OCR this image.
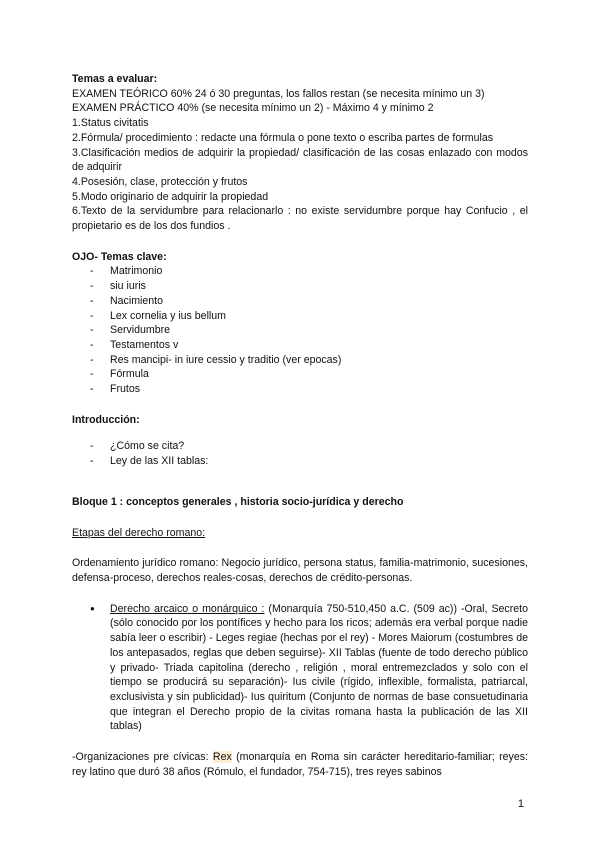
Temas a evaluar:

EXAMEN TEÓRICO 60% 24 ó 30 preguntas, los fallos restan (se necesita mínimo un 3)

EXAMEN PRÁCTICO 40% (se necesita mínimo un 2) - Máximo 4 y mínimo 2

1.Status civitatis

2.Fórmula/ procedimiento : redacte una fórmula o pone texto o escriba partes de formulas

3.Clasificación medios de adquirir la propiedad/ clasificación de las cosas enlazado con modos de adquirir

4.Posesión, clase, protección y frutos

5.Modo originario de adquirir la propiedad

6.Texto de la servidumbre para relacionarlo : no existe servidumbre porque hay Confucio , el propietario es de los dos fundios .

OJO- Temas clave:

- Matrimonio
- siu iuris
- Nacimiento
- Lex cornelia y ius bellum
- Servidumbre
- Testamentos v
- Res mancipi- in iure cessio y traditio (ver epocas)
- Fórmula
- Frutos

Introducción:

- ¿Cómo se cita?
- Ley de las XII tablas:

Bloque 1 : conceptos generales , historia socio-jurídica y derecho

Etapas del derecho romano:

Ordenamiento jurídico romano: Negocio jurídico, persona status, familia-matrimonio, sucesiones, defensa-proceso, derechos reales-cosas, derechos de crédito-personas.

● Derecho arcaico o monárquico : (Monarquía 750-510,450 a.C. (509 ac)) -Oral, Secreto (sólo conocido por los pontífices y hecho para los ricos; además era verbal porque nadie sabía leer o escribir) - Leges regiae (hechas por el rey) - Mores Maiorum (costumbres de los antepasados, reglas que deben seguirse)- XII Tablas (fuente de todo derecho público y privado- Triada capitolina (derecho , religión , moral entremezclados y solo con el tiempo se producirá su separación)- Ius civile (rígido, inflexible, formalista, patriarcal, exclusivista y sin publicidad)- Ius quiritum (Conjunto de normas de base consuetudinaria que integran el Derecho propio de la civitas romana hasta la publicación de las XII tablas)

-Organizaciones pre cívicas: Rex (monarquía en Roma sin carácter hereditario-familiar; reyes: rey latino que duró 38 años (Rómulo, el fundador, 754-715), tres reyes sabinos

1
